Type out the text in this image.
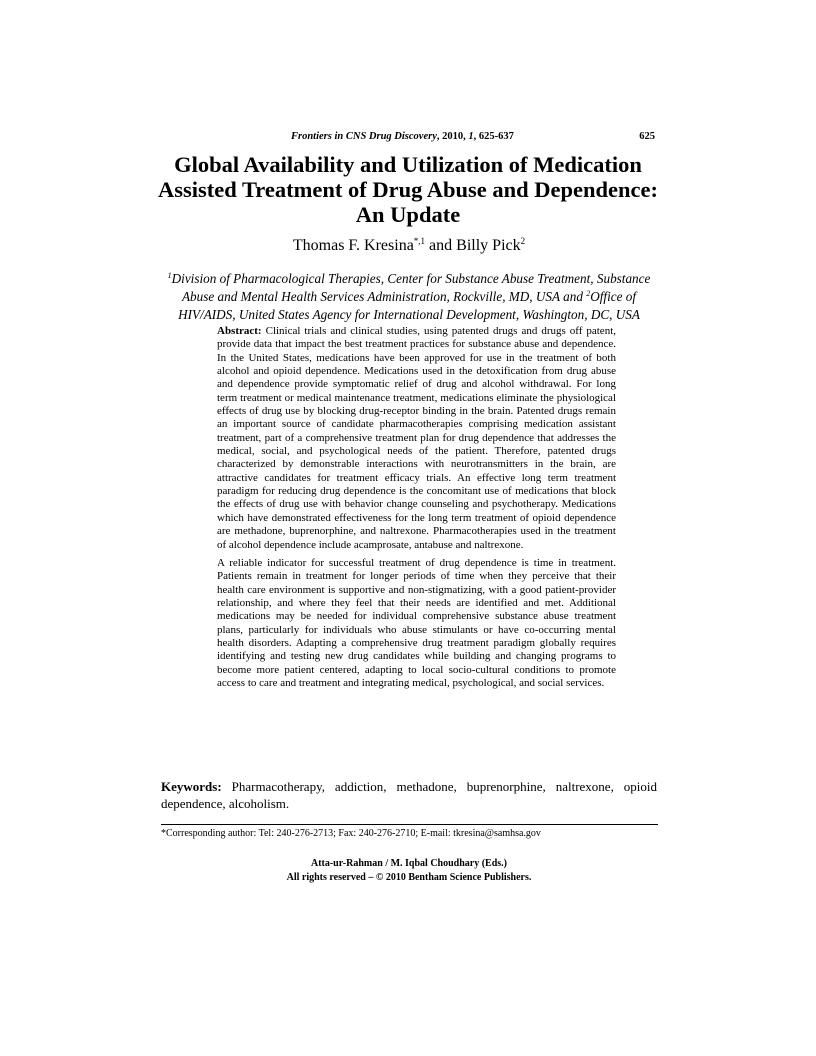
Frontiers in CNS Drug Discovery, 2010, 1, 625-637	625
Global Availability and Utilization of Medication
Assisted Treatment of Drug Abuse and Dependence:
An Update
Thomas F. Kresina$^{*,1}$ and Billy Pick$^2$
$^1$Division of Pharmacological Therapies, Center for Substance Abuse Treatment, Substance Abuse and Mental Health Services Administration, Rockville, MD, USA and $^2$Office of HIV/AIDS, United States Agency for International Development, Washington, DC, USA

Abstract: Clinical trials and clinical studies, using patented drugs and drugs off patent, provide data that impact the best treatment practices for substance abuse and dependence. In the United States, medications have been approved for use in the treatment of both alcohol and opioid dependence. Medications used in the detoxification from drug abuse and dependence provide symptomatic relief of drug and alcohol withdrawal. For long term treatment or medical maintenance treatment, medications eliminate the physiological effects of drug use by blocking drug-receptor binding in the brain. Patented drugs remain an important source of candidate pharmacotherapies comprising medication assistant treatment, part of a comprehensive treatment plan for drug dependence that addresses the medical, social, and psychological needs of the patient. Therefore, patented drugs characterized by demonstrable interactions with neurotransmitters in the brain, are attractive candidates for treatment efficacy trials. An effective long term treatment paradigm for reducing drug dependence is the concomitant use of medications that block the effects of drug use with behavior change counseling and psychotherapy. Medications which have demonstrated effectiveness for the long term treatment of opioid dependence are methadone, buprenorphine, and naltrexone. Pharmacotherapies used in the treatment of alcohol dependence include acamprosate, antabuse and naltrexone.

A reliable indicator for successful treatment of drug dependence is time in treatment. Patients remain in treatment for longer periods of time when they perceive that their health care environment is supportive and non-stigmatizing, with a good patient-provider relationship, and where they feel that their needs are identified and met. Additional medications may be needed for individual comprehensive substance abuse treatment plans, particularly for individuals who abuse stimulants or have co-occurring mental health disorders. Adapting a comprehensive drug treatment paradigm globally requires identifying and testing new drug candidates while building and changing programs to become more patient centered, adapting to local socio-cultural conditions to promote access to care and treatment and integrating medical, psychological, and social services.

Keywords: Pharmacotherapy, addiction, methadone, buprenorphine, naltrexone, opioid dependence, alcoholism.
*Corresponding author: Tel: 240-276-2713; Fax: 240-276-2710; E-mail: tkresina@samhsa.gov
Atta-ur-Rahman / M. Iqbal Choudhary (Eds.)
All rights reserved – © 2010 Bentham Science Publishers.
